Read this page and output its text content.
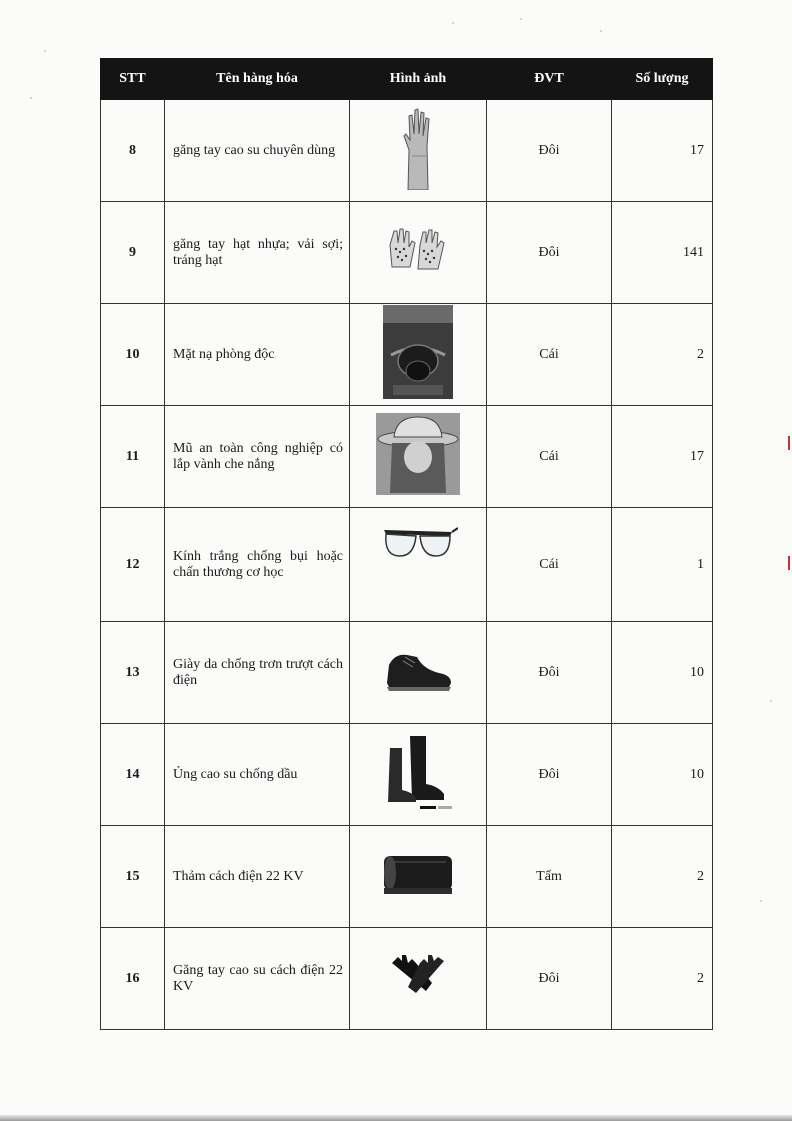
STT	Tên hàng hóa	Hình ảnh	ĐVT	Số lượng
8	găng tay cao su chuyên dùng		Đôi	17
9	găng tay hạt nhựa; vải sợi; tráng hạt		Đôi	141
10	Mặt nạ phòng độc		Cái	2
11	Mũ an toàn công nghiệp có lắp vành che nắng		Cái	17
12	Kính trắng chống bụi hoặc chấn thương cơ học		Cái	1
13	Giày da chống trơn trượt cách điện		Đôi	10
14	Ủng cao su chống dầu		Đôi	10
15	Thảm cách điện 22 KV		Tấm	2
16	Găng tay cao su cách điện 22 KV		Đôi	2
